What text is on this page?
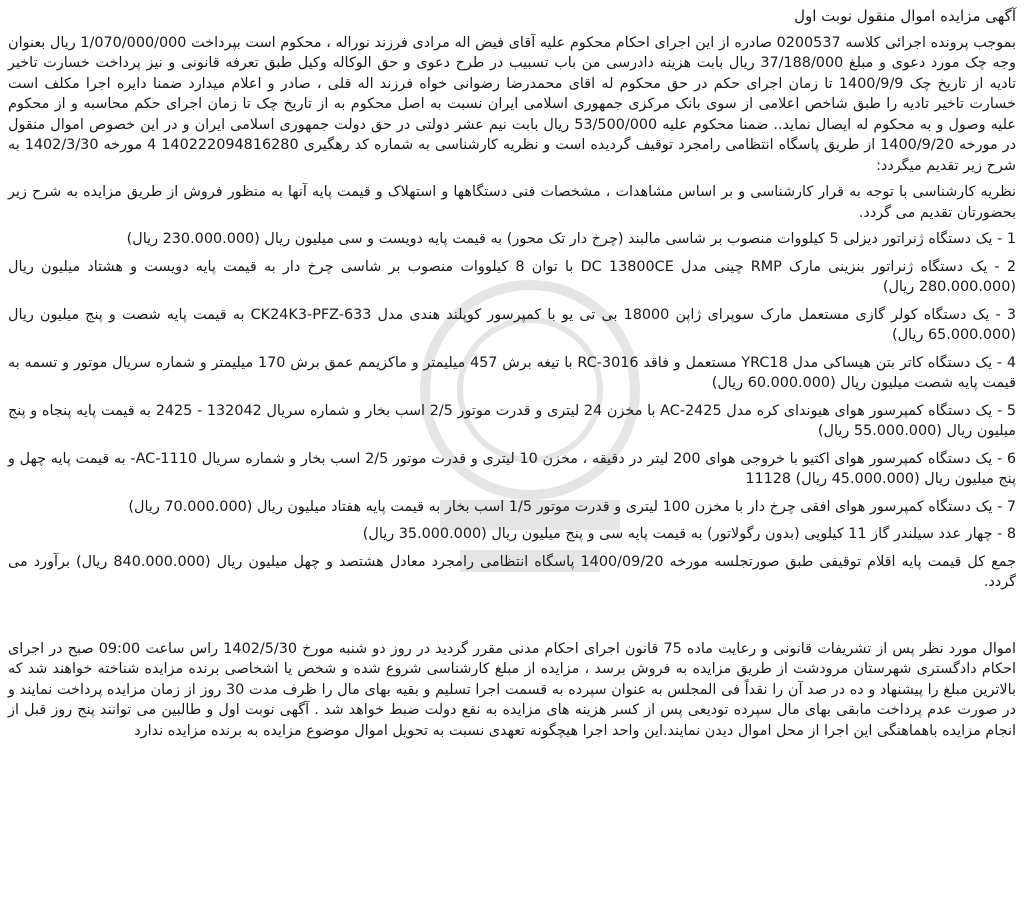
آگهی مزایده اموال منقول نوبت اول
بموجب پرونده اجرائی کلاسه 0200537 صادره از این اجرای احکام محکوم علیه آقای فیض اله مرادی فرزند نوراله ، محکوم است بپرداخت 1/070/000/000 ریال بعنوان وجه چک مورد دعوی و مبلغ 37/188/000 ریال بابت هزینه دادرسی من باب تسبیب در طرح دعوی و حق الوکاله وکیل طبق تعرفه قانونی و نیز پرداخت خسارت تاخیر تادیه از تاریخ چک 1400/9/9 تا زمان اجرای حکم در حق محکوم له اقای محمدرضا رضوانی خواه فرزند اله قلی ، صادر و اعلام میدارد ضمنا دایره اجرا مکلف است خسارت تاخیر تادیه را طبق شاخص اعلامی از سوی بانک مرکزی جمهوری اسلامی ایران نسبت به اصل محکوم به از تاریخ چک تا زمان اجرای حکم محاسبه و از محکوم علیه وصول و به محکوم له ایصال نماید.. ضمنا محکوم علیه 53/500/000 ریال بابت نیم عشر دولتی در حق دولت جمهوری اسلامی ایران و در این خصوص اموال منقول در مورخه 1400/9/20 از طریق پاسگاه انتظامی رامجرد توقیف گردیده است و نظریه کارشناسی به شماره کد رهگیری 140222094816280 4 مورخه 1402/3/30 به شرح زیر تقدیم میگردد:
نظریه کارشناسی با توجه به قرار کارشناسی و بر اساس مشاهدات ، مشخصات فنی دستگاهها و استهلاک و قیمت پایه آنها به منظور فروش از طریق مزایده به شرح زیر بحضورتان تقدیم می گردد.
1 - یک دستگاه ژنراتور دیزلی 5 کیلووات منصوب بر شاسی مالبند (چرخ دار تک محور) به قیمت پایه دویست و سی میلیون ریال (230.000.000 ریال)
2 - یک دستگاه ژنراتور بنزینی مارک RMP چینی مدل DC 13800CE با توان 8 کیلووات منصوب بر شاسی چرخ دار به قیمت پایه دویست و هشتاد میلیون ریال (280.000.000 ریال)
3 - یک دستگاه کولر گازی مستعمل مارک سوپرای ژاپن 18000 بی تی یو با کمپرسور کوپلند هندی مدل CK24K3-PFZ-633 به قیمت پایه شصت و پنج میلیون ریال (65.000.000 ریال)
4 - یک دستگاه کاتر بتن هیساکی مدل YRC18 مستعمل و فاقد RC-3016 با تیغه برش 457 میلیمتر و ماکزیمم عمق برش 170 میلیمتر و شماره سریال موتور و تسمه به قیمت پایه شصت میلیون ریال (60.000.000 ریال)
5 - یک دستگاه کمپرسور هوای هیوندای کره مدل AC-2425 با مخزن 24 لیتری و قدرت موتور 2/5 اسب بخار و شماره سریال 132042 - 2425 به قیمت پایه پنجاه و پنج میلیون ریال (55.000.000 ریال)
6 - یک دستگاه کمپرسور هوای اکتیو با خروجی هوای 200 لیتر در دقیقه ، مخزن 10 لیتری و قدرت موتور 2/5 اسب بخار و شماره سریال AC-1110- به قیمت پایه چهل و پنج میلیون ریال (45.000.000 ریال) 11128
7 - یک دستگاه کمپرسور هوای افقی چرخ دار با مخزن 100 لیتری و قدرت موتور 1/5 اسب بخار به قیمت پایه هفتاد میلیون ریال (70.000.000 ریال)
8 - چهار عدد سیلندر گاز 11 کیلویی (بدون رگولاتور) به قیمت پایه سی و پنج میلیون ریال (35.000.000 ریال)
جمع کل قیمت پایه اقلام توقیفی طبق صورتجلسه مورخه 1400/09/20 پاسگاه انتظامی رامجرد معادل هشتصد و چهل میلیون ریال (840.000.000 ریال) برآورد می گردد.
اموال مورد نظر پس از تشریفات قانونی و رعایت ماده 75 قانون اجرای احکام مدنی مقرر گردید در روز دو شنبه مورخ 1402/5/30 راس ساعت 09:00 صبح در اجرای احکام دادگستری شهرستان مرودشت از طریق مزایده به فروش برسد ، مزایده از مبلغ کارشناسی شروع شده و شخص یا اشخاصی برنده مزایده شناخته خواهند شد که بالاترین مبلغ را پیشنهاد و ده در صد آن را نقداً فی المجلس به عنوان سپرده به قسمت اجرا تسلیم و بقیه بهای مال را ظرف مدت 30 روز از زمان مزایده پرداخت نمایند و در صورت عدم پرداخت مابقی بهای مال سپرده تودیعی پس از کسر هزینه های مزایده به نفع دولت ضبط خواهد شد . آگهی نوبت اول و طالبین می توانند پنج روز قبل از انجام مزایده باهماهنگی این اجرا از محل اموال دیدن نمایند.این واحد اجرا هیچگونه تعهدی نسبت به تحویل اموال موضوع مزایده به برنده مزایده ندارد
